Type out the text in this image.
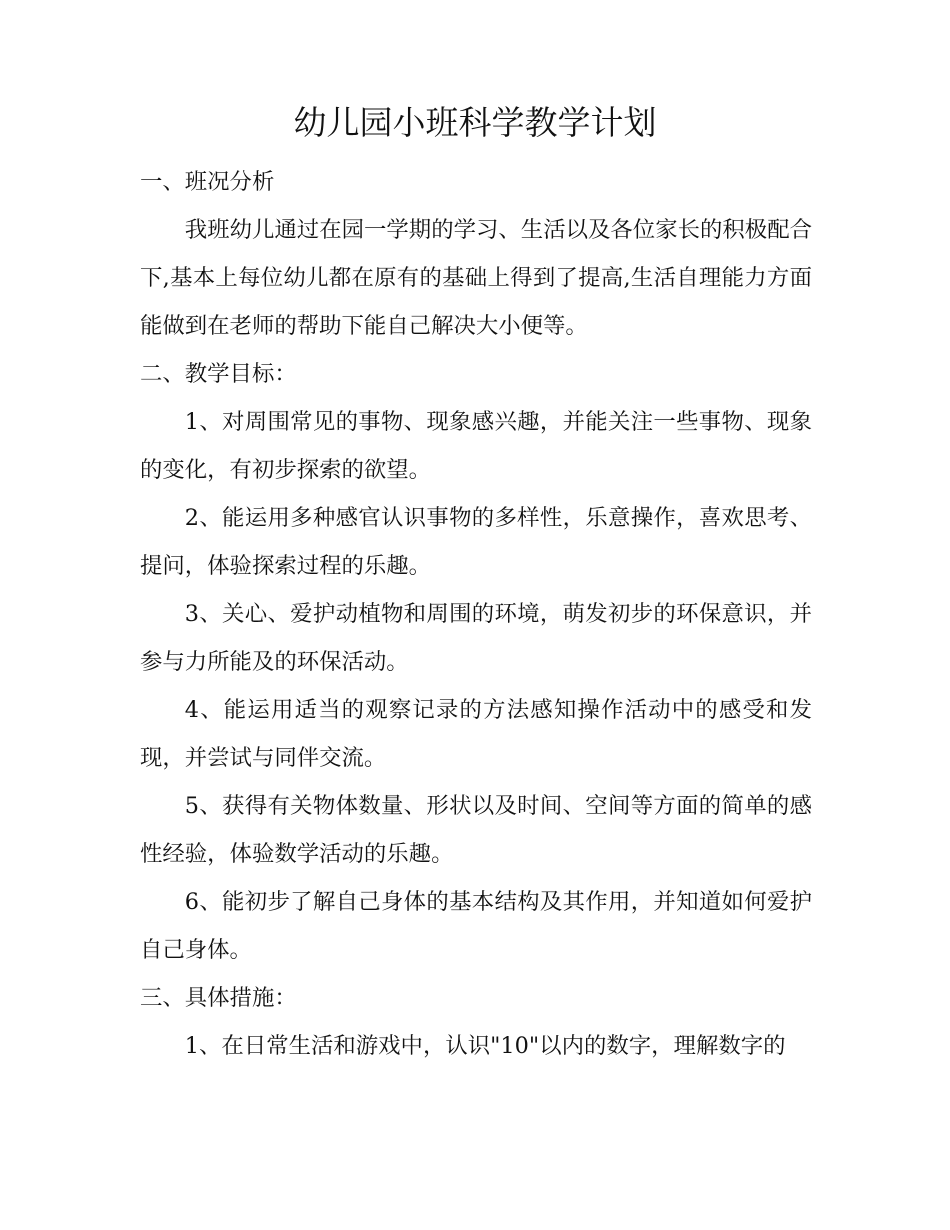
幼儿园小班科学教学计划

一、班况分析

我班幼儿通过在园一学期的学习、生活以及各位家长的积极配合下,基本上每位幼儿都在原有的基础上得到了提高,生活自理能力方面能做到在老师的帮助下能自己解决大小便等。

二、教学目标：

1、对周围常见的事物、现象感兴趣，并能关注一些事物、现象的变化，有初步探索的欲望。

2、能运用多种感官认识事物的多样性，乐意操作，喜欢思考、提问，体验探索过程的乐趣。

3、关心、爱护动植物和周围的环境，萌发初步的环保意识，并参与力所能及的环保活动。

4、能运用适当的观察记录的方法感知操作活动中的感受和发现，并尝试与同伴交流。

5、获得有关物体数量、形状以及时间、空间等方面的简单的感性经验，体验数学活动的乐趣。

6、能初步了解自己身体的基本结构及其作用，并知道如何爱护自己身体。

三、具体措施：

1、在日常生活和游戏中，认识"10"以内的数字，理解数字的
